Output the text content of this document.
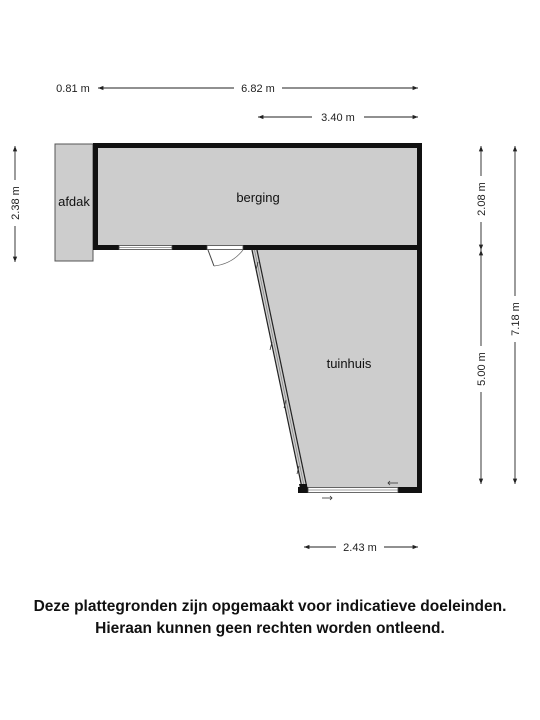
afdak	berging
tuinhuis
0.81 m	6.82 m
3.40 m
2.38 m	2.08 m
5.00 m
7.18 m
2.43 m
Deze plattegronden zijn opgemaakt voor indicatieve doeleinden.
Hieraan kunnen geen rechten worden ontleend.
